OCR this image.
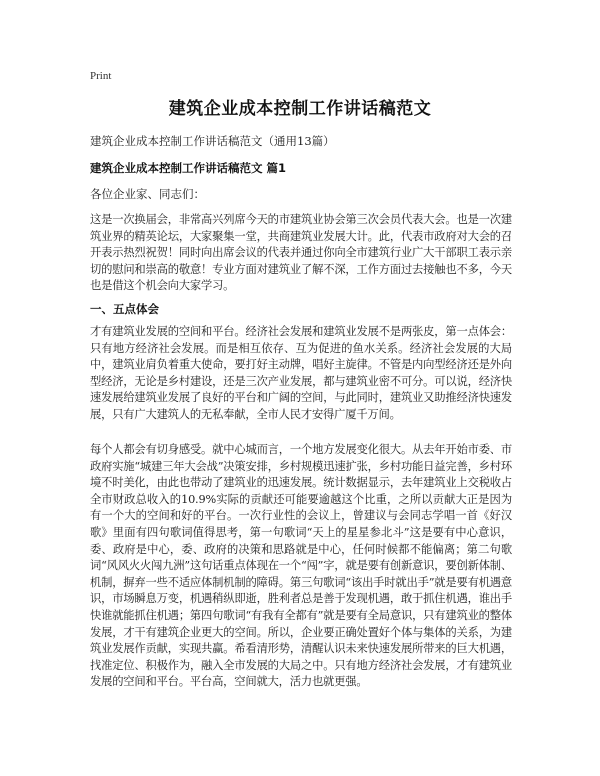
Print
建筑企业成本控制工作讲话稿范文
建筑企业成本控制工作讲话稿范文（通用13篇）
建筑企业成本控制工作讲话稿范文 篇1
各位企业家、同志们：
这是一次换届会，非常高兴列席今天的市建筑业协会第三次会员代表大会。也是一次建筑业界的精英论坛，大家聚集一堂，共商建筑业发展大计。此，代表市政府对大会的召开表示热烈祝贺！同时向出席会议的代表并通过你向全市建筑行业广大干部职工表示亲切的慰问和崇高的敬意！专业方面对建筑业了解不深，工作方面过去接触也不多，今天也是借这个机会向大家学习。
一、五点体会
才有建筑业发展的空间和平台。经济社会发展和建筑业发展不是两张皮，第一点体会：只有地方经济社会发展。而是相互依存、互为促进的鱼水关系。经济社会发展的大局中，建筑业肩负着重大使命，要打好主动牌，唱好主旋律。不管是内向型经济还是外向型经济，无论是乡村建设，还是三次产业发展，都与建筑业密不可分。可以说，经济快速发展给建筑业发展了良好的平台和广阔的空间，与此同时，建筑业又助推经济快速发展，只有广大建筑人的无私奉献，全市人民才安得广厦千万间。
每个人都会有切身感受。就中心城而言，一个地方发展变化很大。从去年开始市委、市政府实施“城建三年大会战”决策安排，乡村规模迅速扩张，乡村功能日益完善，乡村环境不时美化，由此也带动了建筑业的迅速发展。统计数据显示，去年建筑业上交税收占全市财政总收入的10.9%实际的贡献还可能要逾越这个比重，之所以贡献大正是因为有一个大的空间和好的平台。一次行业性的会议上，曾建议与会同志学唱一首《好汉歌》里面有四句歌词值得思考，第一句歌词“天上的星星参北斗”这是要有中心意识，委、政府是中心，委、政府的决策和思路就是中心，任何时候都不能偏离；第二句歌词“风风火火闯九洲”这句话重点体现在一个“闯”字，就是要有创新意识，要创新体制、机制，摒弃一些不适应体制机制的障碍。第三句歌词“该出手时就出手”就是要有机遇意识，市场瞬息万变，机遇稍纵即逝，胜利者总是善于发现机遇，敢于抓住机遇，谁出手快谁就能抓住机遇；第四句歌词“有我有全都有”就是要有全局意识，只有建筑业的整体发展，才干有建筑企业更大的空间。所以，企业要正确处置好个体与集体的关系，为建筑业发展作贡献，实现共赢。希看清形势，清醒认识未来快速发展所带来的巨大机遇，找准定位、积极作为，融入全市发展的大局之中。只有地方经济社会发展，才有建筑业发展的空间和平台。平台高，空间就大，活力也就更强。
